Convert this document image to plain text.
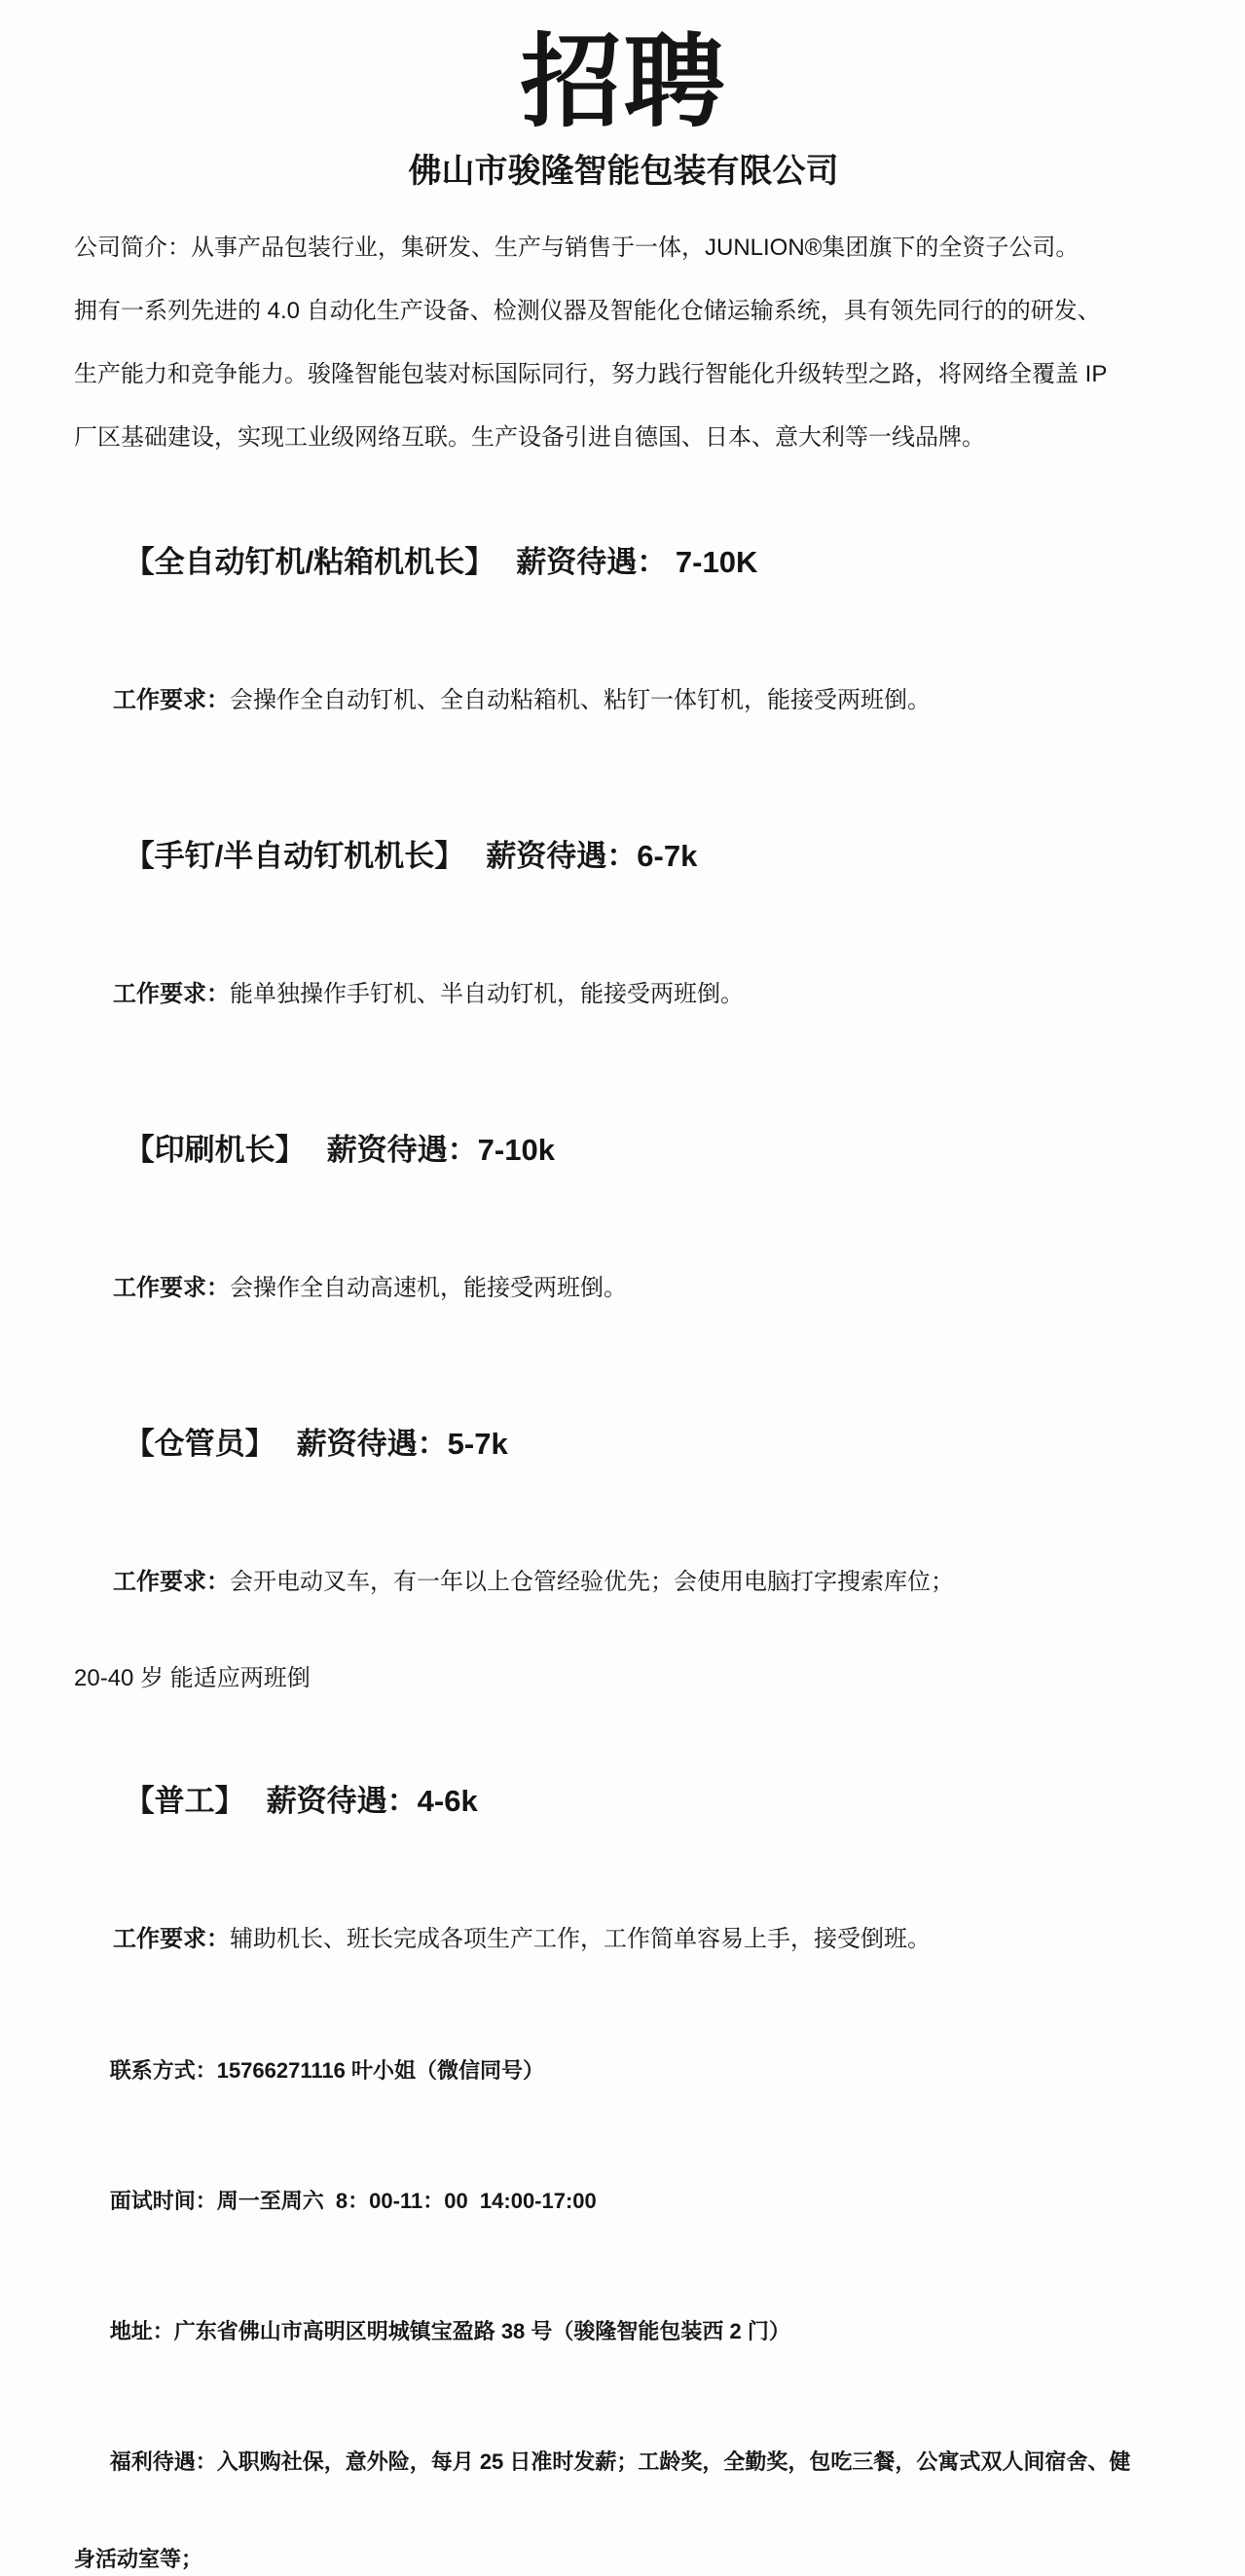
招聘
佛山市骏隆智能包装有限公司

公司简介：从事产品包装行业，集研发、生产与销售于一体，JUNLION®集团旗下的全资子公司。

拥有一系列先进的 4.0 自动化生产设备、检测仪器及智能化仓储运输系统，具有领先同行的的研发、

生产能力和竞争能力。骏隆智能包装对标国际同行，努力践行智能化升级转型之路，将网络全覆盖 IP

厂区基础建设，实现工业级网络互联。生产设备引进自德国、日本、意大利等一线品牌。

【全自动钉机/粘箱机机长】 薪资待遇： 7-10K

工作要求：会操作全自动钉机、全自动粘箱机、粘钉一体钉机，能接受两班倒。

【手钉/半自动钉机机长】 薪资待遇：6-7k

工作要求：能单独操作手钉机、半自动钉机，能接受两班倒。

【印刷机长】 薪资待遇：7-10k

工作要求：会操作全自动高速机，能接受两班倒。

【仓管员】 薪资待遇：5-7k

工作要求：会开电动叉车，有一年以上仓管经验优先；会使用电脑打字搜索库位；

20-40 岁 能适应两班倒

【普工】 薪资待遇：4-6k

工作要求：辅助机长、班长完成各项生产工作，工作简单容易上手，接受倒班。

联系方式：15766271116 叶小姐（微信同号）

面试时间：周一至周六  8：00-11：00  14:00-17:00

地址：广东省佛山市高明区明城镇宝盈路 38 号（骏隆智能包装西 2 门）

福利待遇：入职购社保，意外险，每月 25 日准时发薪；工龄奖，全勤奖，包吃三餐，公寓式双人间宿舍、健

身活动室等；
